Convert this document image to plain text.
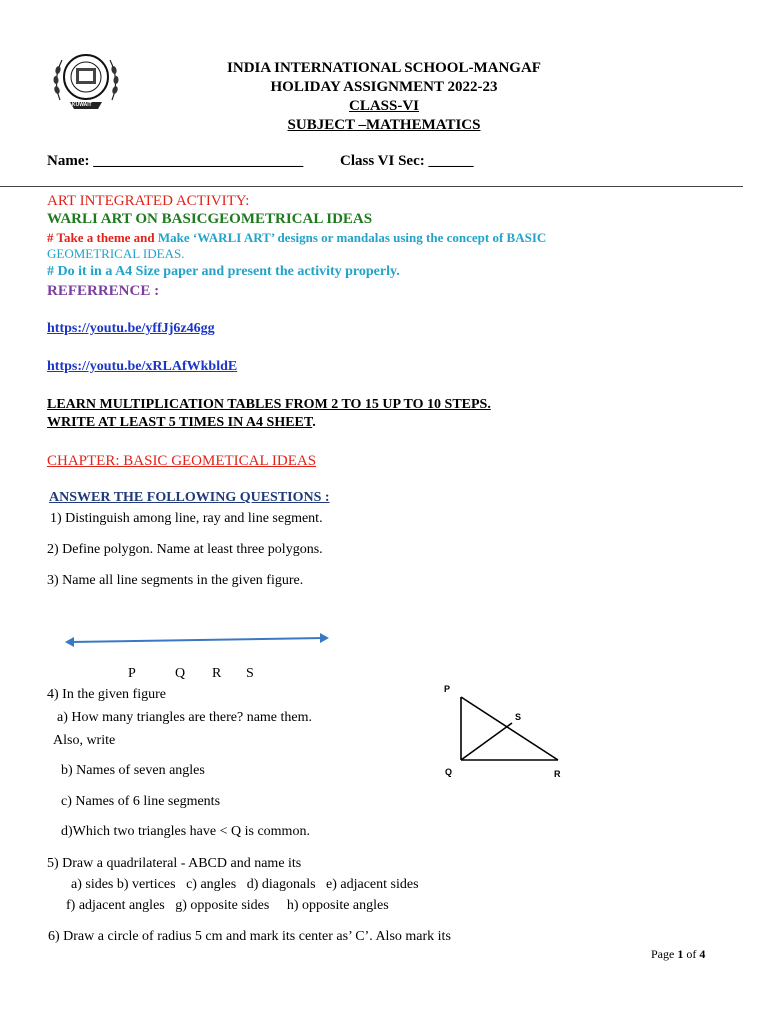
KUWAIT
INDIA INTERNATIONAL SCHOOL-MANGAF
HOLIDAY ASSIGNMENT 2022-23
CLASS-VI
SUBJECT –MATHEMATICS
Name: ____________________________ Class VI Sec: ______
ART INTEGRATED ACTIVITY:
WARLI ART ON BASICGEOMETRICAL IDEAS
# Take a theme and Make ‘WARLI ART’ designs or mandalas using the concept of BASIC
GEOMETRICAL IDEAS.
# Do it in a A4 Size paper and present the activity properly.
REFERRENCE :
https://youtu.be/yffJj6z46gg
https://youtu.be/xRLAfWkbldE
LEARN MULTIPLICATION TABLES FROM 2 TO 15 UP TO 10 STEPS.
WRITE AT LEAST 5 TIMES IN A4 SHEET.
CHAPTER: BASIC GEOMETICAL IDEAS
ANSWER THE FOLLOWING QUESTIONS :
1) Distinguish among line, ray and line segment.
2) Define polygon. Name at least three polygons.
3) Name all line segments in the given figure.
P	Q R S
4) In the given figure
a) How many triangles are there? name them.
Also, write
b) Names of seven angles
c) Names of 6 line segments
d)Which two triangles have < Q is common.
P
S
Q	R
5) Draw a quadrilateral - ABCD and name its
a) sides b) vertices   c) angles   d) diagonals   e) adjacent sides
f) adjacent angles   g) opposite sides     h) opposite angles
6) Draw a circle of radius 5 cm and mark its center as’ C’. Also mark its
Page 1 of 4
